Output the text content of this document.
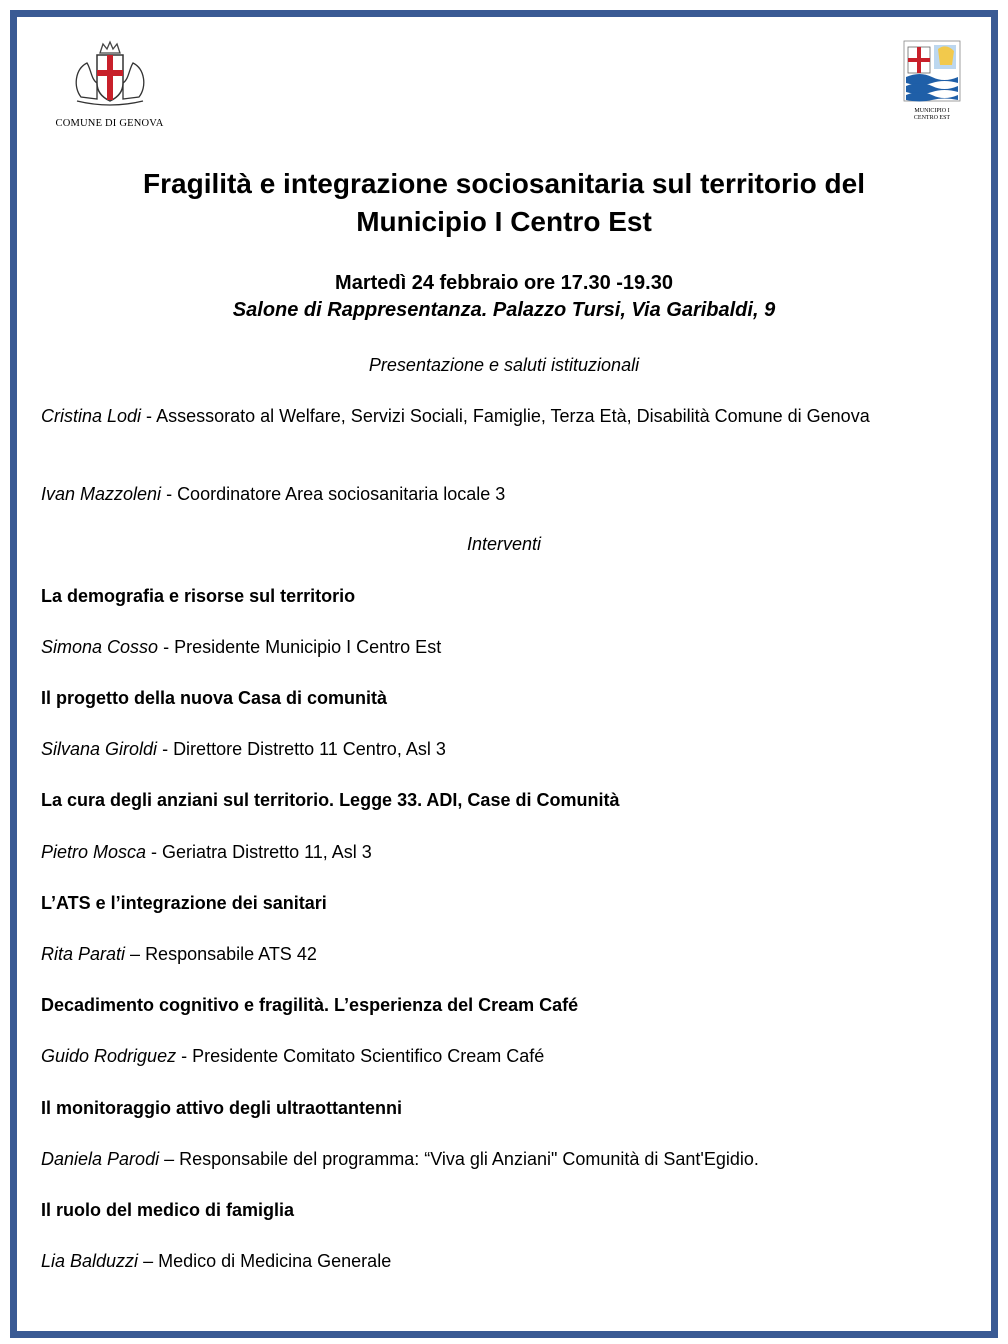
COMUNE DI GENOVA
MUNICIPIO I
CENTRO EST
Fragilità e integrazione sociosanitaria sul territorio del
Municipio I Centro Est
Martedì 24 febbraio ore 17.30 -19.30
Salone di Rappresentanza. Palazzo Tursi, Via Garibaldi, 9
Presentazione e saluti istituzionali
Cristina Lodi - Assessorato al Welfare, Servizi Sociali, Famiglie, Terza Età, Disabilità Comune di Genova
Ivan Mazzoleni - Coordinatore Area sociosanitaria locale 3
Interventi
La demografia e risorse sul territorio
Simona Cosso - Presidente Municipio I Centro Est
Il progetto della nuova Casa di comunità
Silvana Giroldi - Direttore Distretto 11 Centro, Asl 3
La cura degli anziani sul territorio. Legge 33. ADI, Case di Comunità
Pietro Mosca - Geriatra Distretto 11, Asl 3
L’ATS e l’integrazione dei sanitari
Rita Parati – Responsabile ATS 42
Decadimento cognitivo e fragilità. L’esperienza del Cream Café
Guido Rodriguez - Presidente Comitato Scientifico Cream Café
Il monitoraggio attivo degli ultraottantenni
Daniela Parodi – Responsabile del programma: “Viva gli Anziani" Comunità di Sant'Egidio.
Il ruolo del medico di famiglia
Lia Balduzzi – Medico di Medicina Generale
